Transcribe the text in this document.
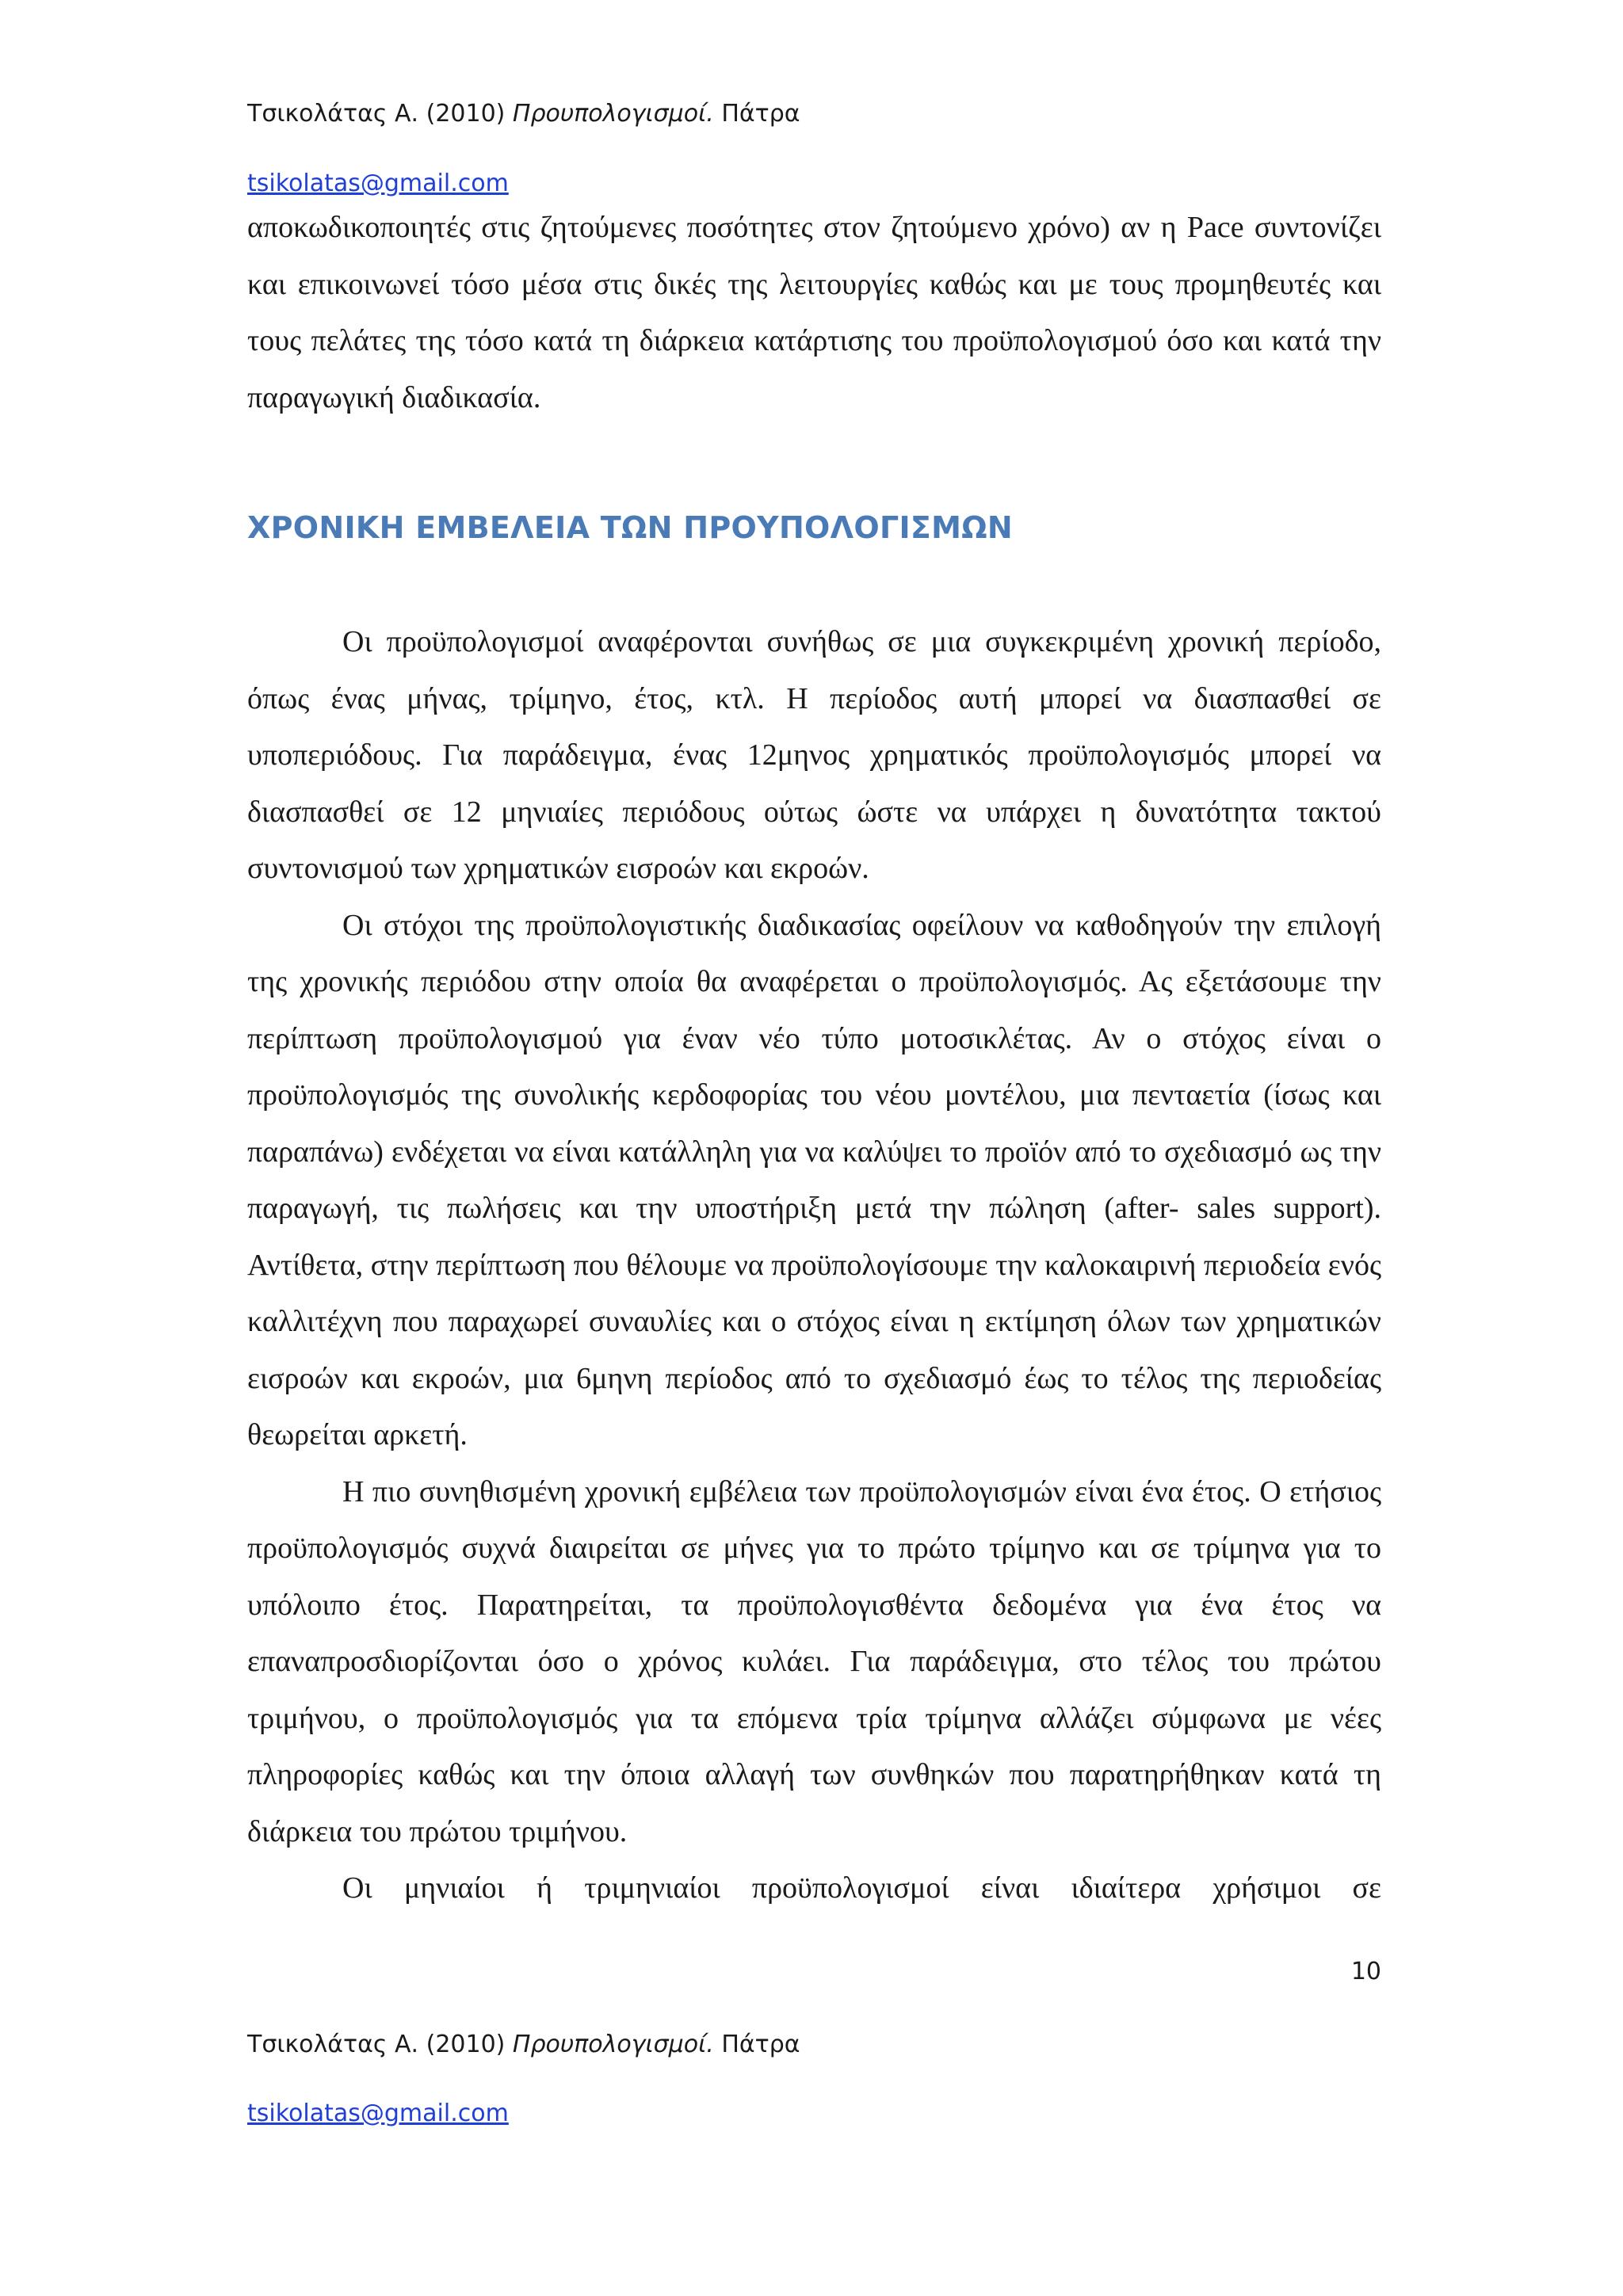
Τσικολάτας Α. (2010) Προυπολογισμοί. Πάτρα
tsikolatas@gmail.com

αποκωδικοποιητές στις ζητούμενες ποσότητες στον ζητούμενο χρόνο) αν η Pace συντονίζει και επικοινωνεί τόσο μέσα στις δικές της λειτουργίες καθώς και με τους προμηθευτές και τους πελάτες της τόσο κατά τη διάρκεια κατάρτισης του προϋπολογισμού όσο και κατά την παραγωγική διαδικασία.

ΧΡΟΝΙΚΗ ΕΜΒΕΛΕΙΑ ΤΩΝ ΠΡΟΥΠΟΛΟΓΙΣΜΩΝ

Οι προϋπολογισμοί αναφέρονται συνήθως σε μια συγκεκριμένη χρονική περίοδο, όπως ένας μήνας, τρίμηνο, έτος, κτλ. Η περίοδος αυτή μπορεί να διασπασθεί σε υποπεριόδους. Για παράδειγμα, ένας 12μηνος χρηματικός προϋπολογισμός μπορεί να διασπασθεί σε 12 μηνιαίες περιόδους ούτως ώστε να υπάρχει η δυνατότητα τακτού συντονισμού των χρηματικών εισροών και εκροών.

Οι στόχοι της προϋπολογιστικής διαδικασίας οφείλουν να καθοδηγούν την επιλογή της χρονικής περιόδου στην οποία θα αναφέρεται ο προϋπολογισμός. Ας εξετάσουμε την περίπτωση προϋπολογισμού για έναν νέο τύπο μοτοσικλέτας. Αν ο στόχος είναι ο προϋπολογισμός της συνολικής κερδοφορίας του νέου μοντέλου, μια πενταετία (ίσως και παραπάνω) ενδέχεται να είναι κατάλληλη για να καλύψει το προϊόν από το σχεδιασμό ως την παραγωγή, τις πωλήσεις και την υποστήριξη μετά την πώληση (after- sales support). Αντίθετα, στην περίπτωση που θέλουμε να προϋπολογίσουμε την καλοκαιρινή περιοδεία ενός καλλιτέχνη που παραχωρεί συναυλίες και ο στόχος είναι η εκτίμηση όλων των χρηματικών εισροών και εκροών, μια 6μηνη περίοδος από το σχεδιασμό έως το τέλος της περιοδείας θεωρείται αρκετή.

Η πιο συνηθισμένη χρονική εμβέλεια των προϋπολογισμών είναι ένα έτος. Ο ετήσιος προϋπολογισμός συχνά διαιρείται σε μήνες για το πρώτο τρίμηνο και σε τρίμηνα για το υπόλοιπο έτος. Παρατηρείται, τα προϋπολογισθέντα δεδομένα για ένα έτος να επαναπροσδιορίζονται όσο ο χρόνος κυλάει. Για παράδειγμα, στο τέλος του πρώτου τριμήνου, ο προϋπολογισμός για τα επόμενα τρία τρίμηνα αλλάζει σύμφωνα με νέες πληροφορίες καθώς και την όποια αλλαγή των συνθηκών που παρατηρήθηκαν κατά τη διάρκεια του πρώτου τριμήνου.

Οι μηνιαίοι ή τριμηνιαίοι προϋπολογισμοί είναι ιδιαίτερα χρήσιμοι σε

10
Τσικολάτας Α. (2010) Προυπολογισμοί. Πάτρα
tsikolatas@gmail.com
